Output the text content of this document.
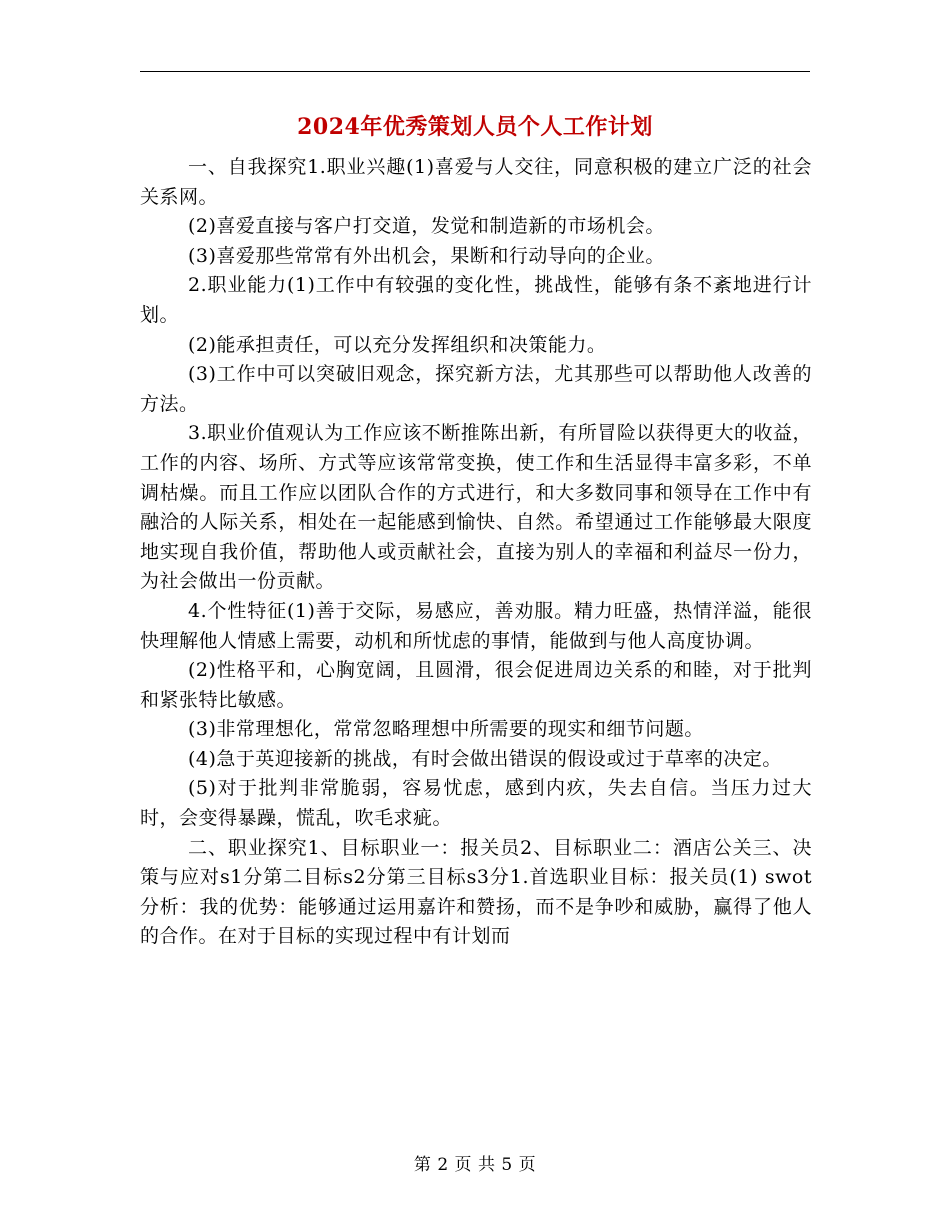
2024年优秀策划人员个人工作计划

一、自我探究1.职业兴趣(1)喜爱与人交往，同意积极的建立广泛的社会关系网。

(2)喜爱直接与客户打交道，发觉和制造新的市场机会。

(3)喜爱那些常常有外出机会，果断和行动导向的企业。

2.职业能力(1)工作中有较强的变化性，挑战性，能够有条不紊地进行计划。

(2)能承担责任，可以充分发挥组织和决策能力。

(3)工作中可以突破旧观念，探究新方法，尤其那些可以帮助他人改善的方法。

3.职业价值观认为工作应该不断推陈出新，有所冒险以获得更大的收益，工作的内容、场所、方式等应该常常变换，使工作和生活显得丰富多彩，不单调枯燥。而且工作应以团队合作的方式进行，和大多数同事和领导在工作中有融洽的人际关系，相处在一起能感到愉快、自然。希望通过工作能够最大限度地实现自我价值，帮助他人或贡献社会，直接为别人的幸福和利益尽一份力，为社会做出一份贡献。

4.个性特征(1)善于交际，易感应，善劝服。精力旺盛，热情洋溢，能很快理解他人情感上需要，动机和所忧虑的事情，能做到与他人高度协调。

(2)性格平和，心胸宽阔，且圆滑，很会促进周边关系的和睦，对于批判和紧张特比敏感。

(3)非常理想化，常常忽略理想中所需要的现实和细节问题。

(4)急于英迎接新的挑战，有时会做出错误的假设或过于草率的决定。

(5)对于批判非常脆弱，容易忧虑，感到内疚，失去自信。当压力过大时，会变得暴躁，慌乱，吹毛求疵。

二、职业探究1、目标职业一：报关员2、目标职业二：酒店公关三、决策与应对s1分第二目标s2分第三目标s3分1.首选职业目标：报关员(1) swot分析：我的优势：能够通过运用嘉许和赞扬，而不是争吵和威胁，赢得了他人的合作。在对于目标的实现过程中有计划而

第 2 页 共 5 页
